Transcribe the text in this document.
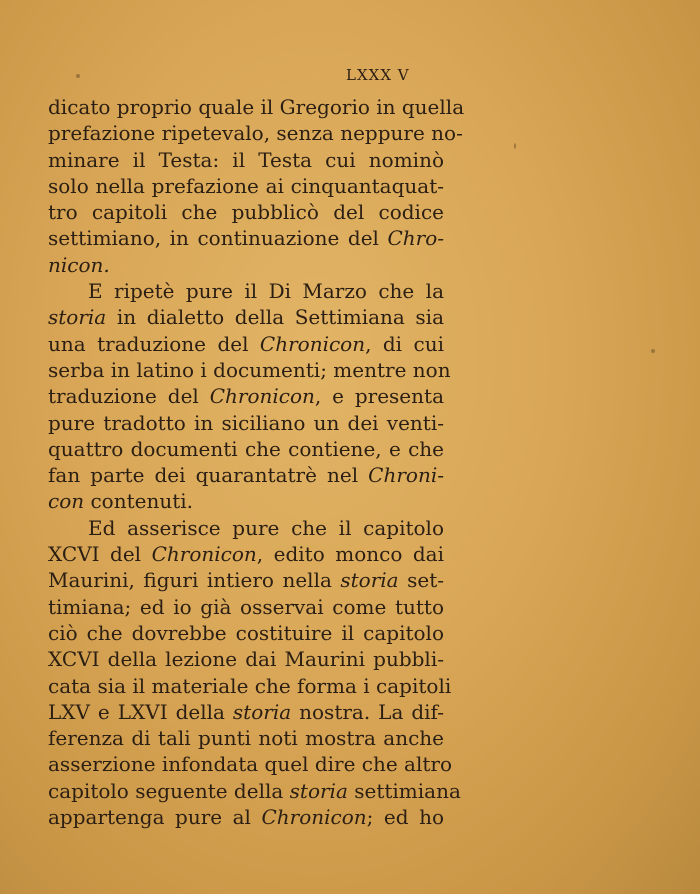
LXXX V
dicato proprio quale il Gregorio in quella
prefazione ripetevalo, senza neppure no-
minare il Testa: il Testa cui nominò
solo nella prefazione ai cinquantaquat-
tro capitoli che pubblicò del codice
settimiano, in continuazione del Chro-
nicon.
E ripetè pure il Di Marzo che la
storia in dialetto della Settimiana sia
una traduzione del Chronicon, di cui
serba in latino i documenti; mentre non
traduzione del Chronicon, e presenta
pure tradotto in siciliano un dei venti-
quattro documenti che contiene, e che
fan parte dei quarantatrè nel Chroni-
con contenuti.
Ed asserisce pure che il capitolo
XCVI del Chronicon, edito monco dai
Maurini, figuri intiero nella storia set-
timiana; ed io già osservai come tutto
ciò che dovrebbe costituire il capitolo
XCVI della lezione dai Maurini pubbli-
cata sia il materiale che forma i capitoli
LXV e LXVI della storia nostra. La dif-
ferenza di tali punti noti mostra anche
asserzione infondata quel dire che altro
capitolo seguente della storia settimiana
appartenga pure al Chronicon; ed ho
